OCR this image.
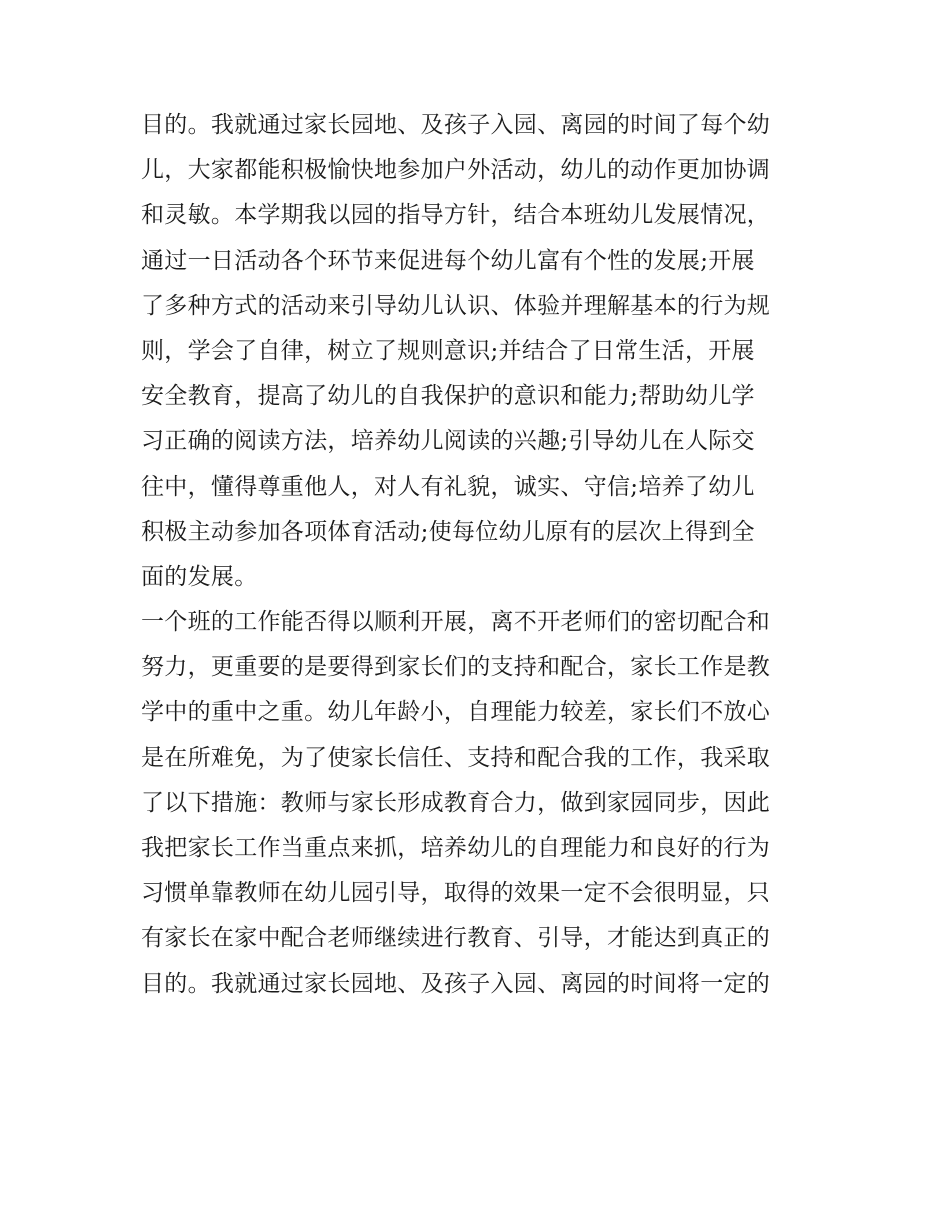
目的。我就通过家长园地、及孩子入园、离园的时间了每个幼
儿，大家都能积极愉快地参加户外活动，幼儿的动作更加协调
和灵敏。本学期我以园的指导方针，结合本班幼儿发展情况，
通过一日活动各个环节来促进每个幼儿富有个性的发展;开展
了多种方式的活动来引导幼儿认识、体验并理解基本的行为规
则，学会了自律，树立了规则意识;并结合了日常生活，开展
安全教育，提高了幼儿的自我保护的意识和能力;帮助幼儿学
习正确的阅读方法，培养幼儿阅读的兴趣;引导幼儿在人际交
往中，懂得尊重他人，对人有礼貌，诚实、守信;培养了幼儿
积极主动参加各项体育活动;使每位幼儿原有的层次上得到全
面的发展。
一个班的工作能否得以顺利开展，离不开老师们的密切配合和
努力，更重要的是要得到家长们的支持和配合，家长工作是教
学中的重中之重。幼儿年龄小，自理能力较差，家长们不放心
是在所难免，为了使家长信任、支持和配合我的工作，我采取
了以下措施：教师与家长形成教育合力，做到家园同步，因此
我把家长工作当重点来抓，培养幼儿的自理能力和良好的行为
习惯单靠教师在幼儿园引导，取得的效果一定不会很明显，只
有家长在家中配合老师继续进行教育、引导，才能达到真正的
目的。我就通过家长园地、及孩子入园、离园的时间将一定的
